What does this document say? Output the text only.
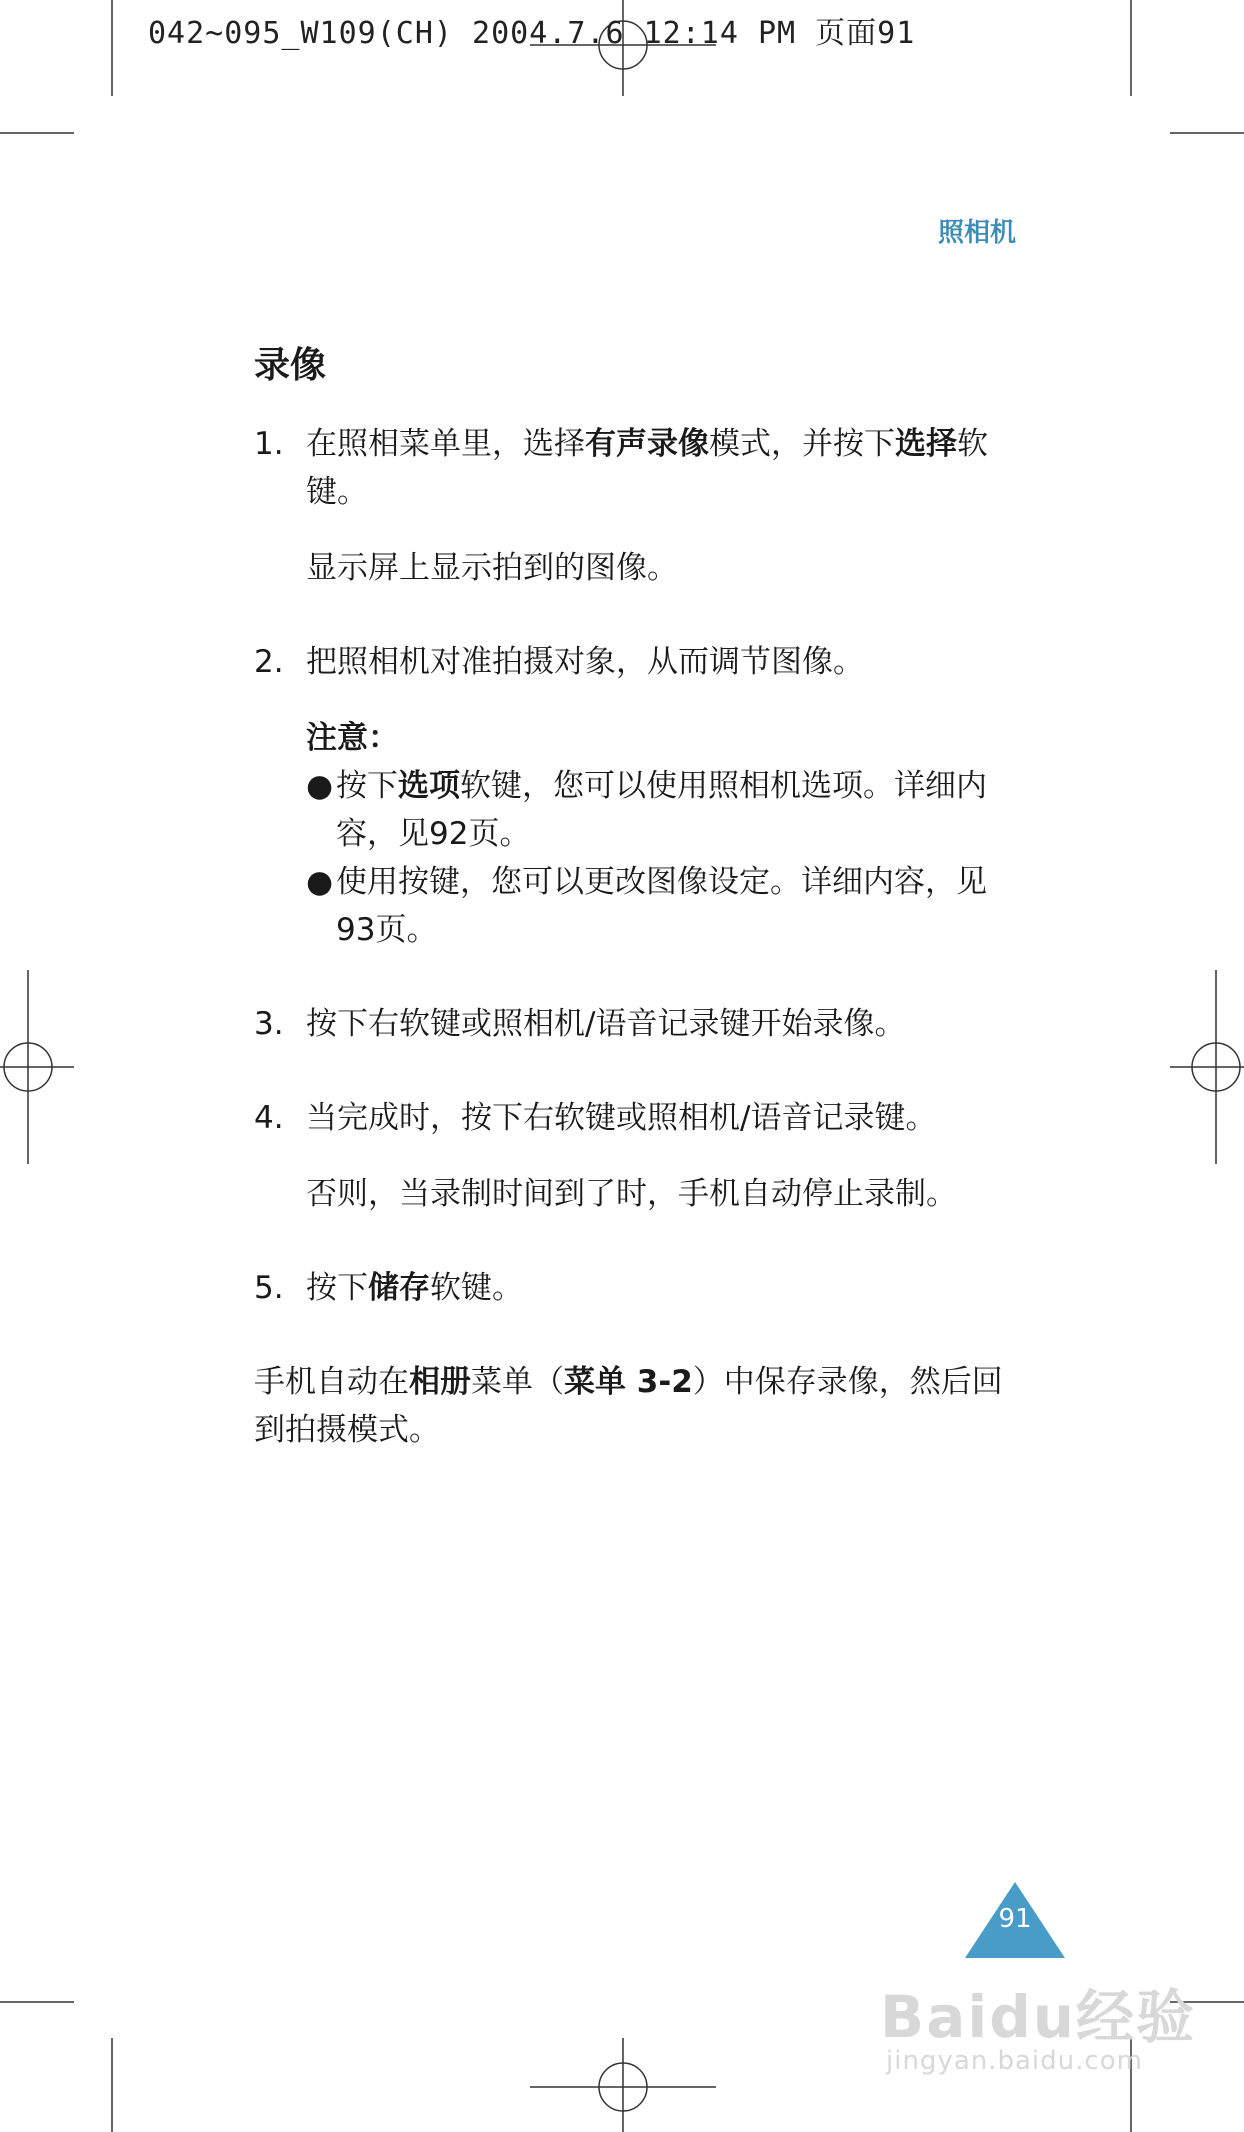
042~095_W109(CH) 2004.7.6 12:14 PM 页面91
照相机
录像
1. 在照相菜单里，选择有声录像模式，并按下选择软键。
显示屏上显示拍到的图像。
2. 把照相机对准拍摄对象，从而调节图像。
注意：
● 按下选项软键，您可以使用照相机选项。详细内容，见92页。
● 使用按键，您可以更改图像设定。详细内容，见93页。
3. 按下右软键或照相机/语音记录键开始录像。
4. 当完成时，按下右软键或照相机/语音记录键。
否则，当录制时间到了时，手机自动停止录制。
5. 按下储存软键。
手机自动在相册菜单（菜单 3-2）中保存录像，然后回到拍摄模式。
91
Baidu经验
jingyan.baidu.com
